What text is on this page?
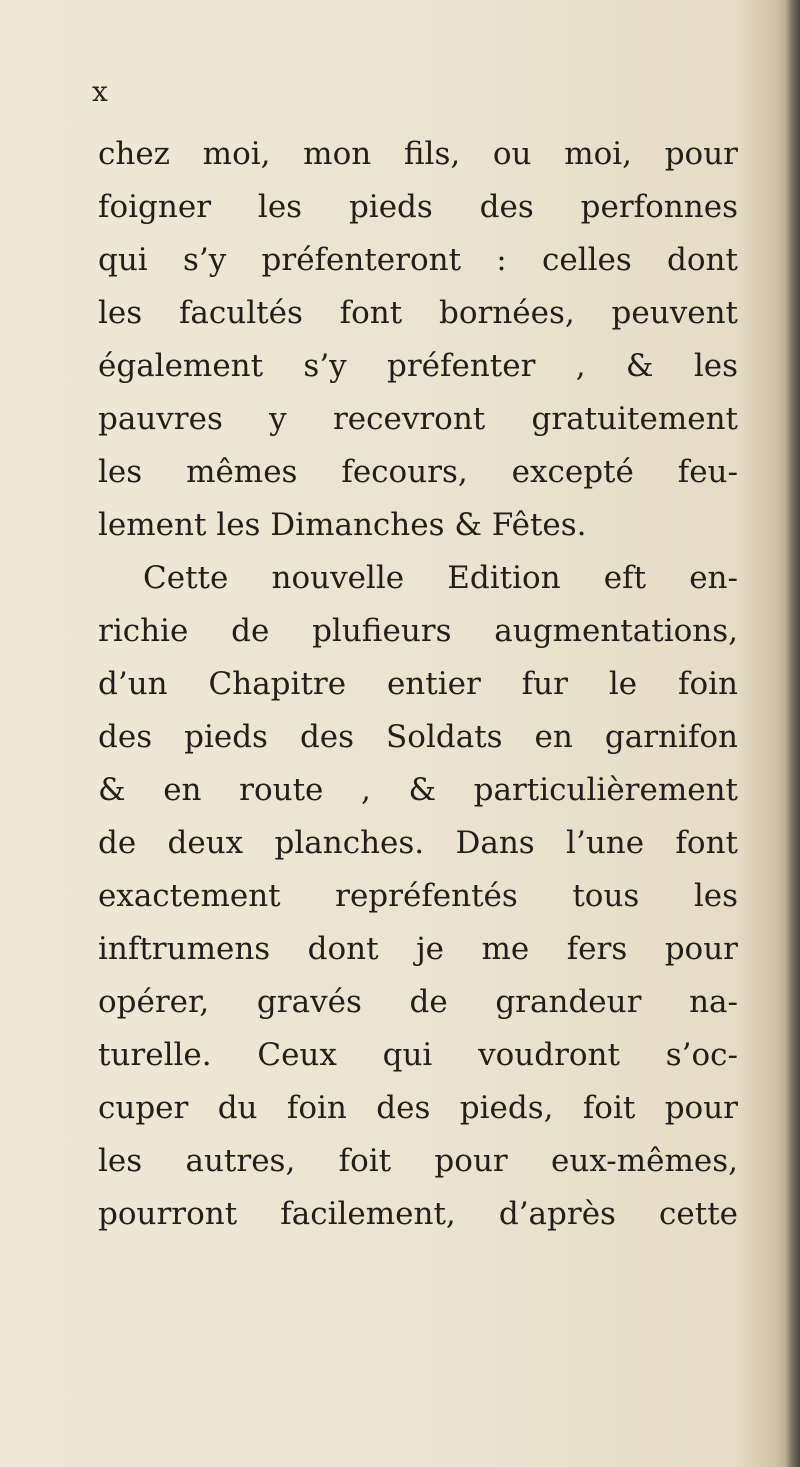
x
chez moi, mon fils, ou moi, pour
foigner les pieds des perfonnes
qui s’y préfenteront : celles dont
les facultés font bornées, peuvent
également s’y préfenter , & les
pauvres y recevront gratuitement
les mêmes fecours, excepté feu-
lement les Dimanches & Fêtes.
Cette nouvelle Edition eft en-
richie de plufieurs augmentations,
d’un Chapitre entier fur le foin
des pieds des Soldats en garnifon
& en route , & particulièrement
de deux planches. Dans l’une font
exactement repréfentés tous les
inftrumens dont je me fers pour
opérer, gravés de grandeur na-
turelle. Ceux qui voudront s’oc-
cuper du foin des pieds, foit pour
les autres, foit pour eux-mêmes,
pourront facilement, d’après cette
